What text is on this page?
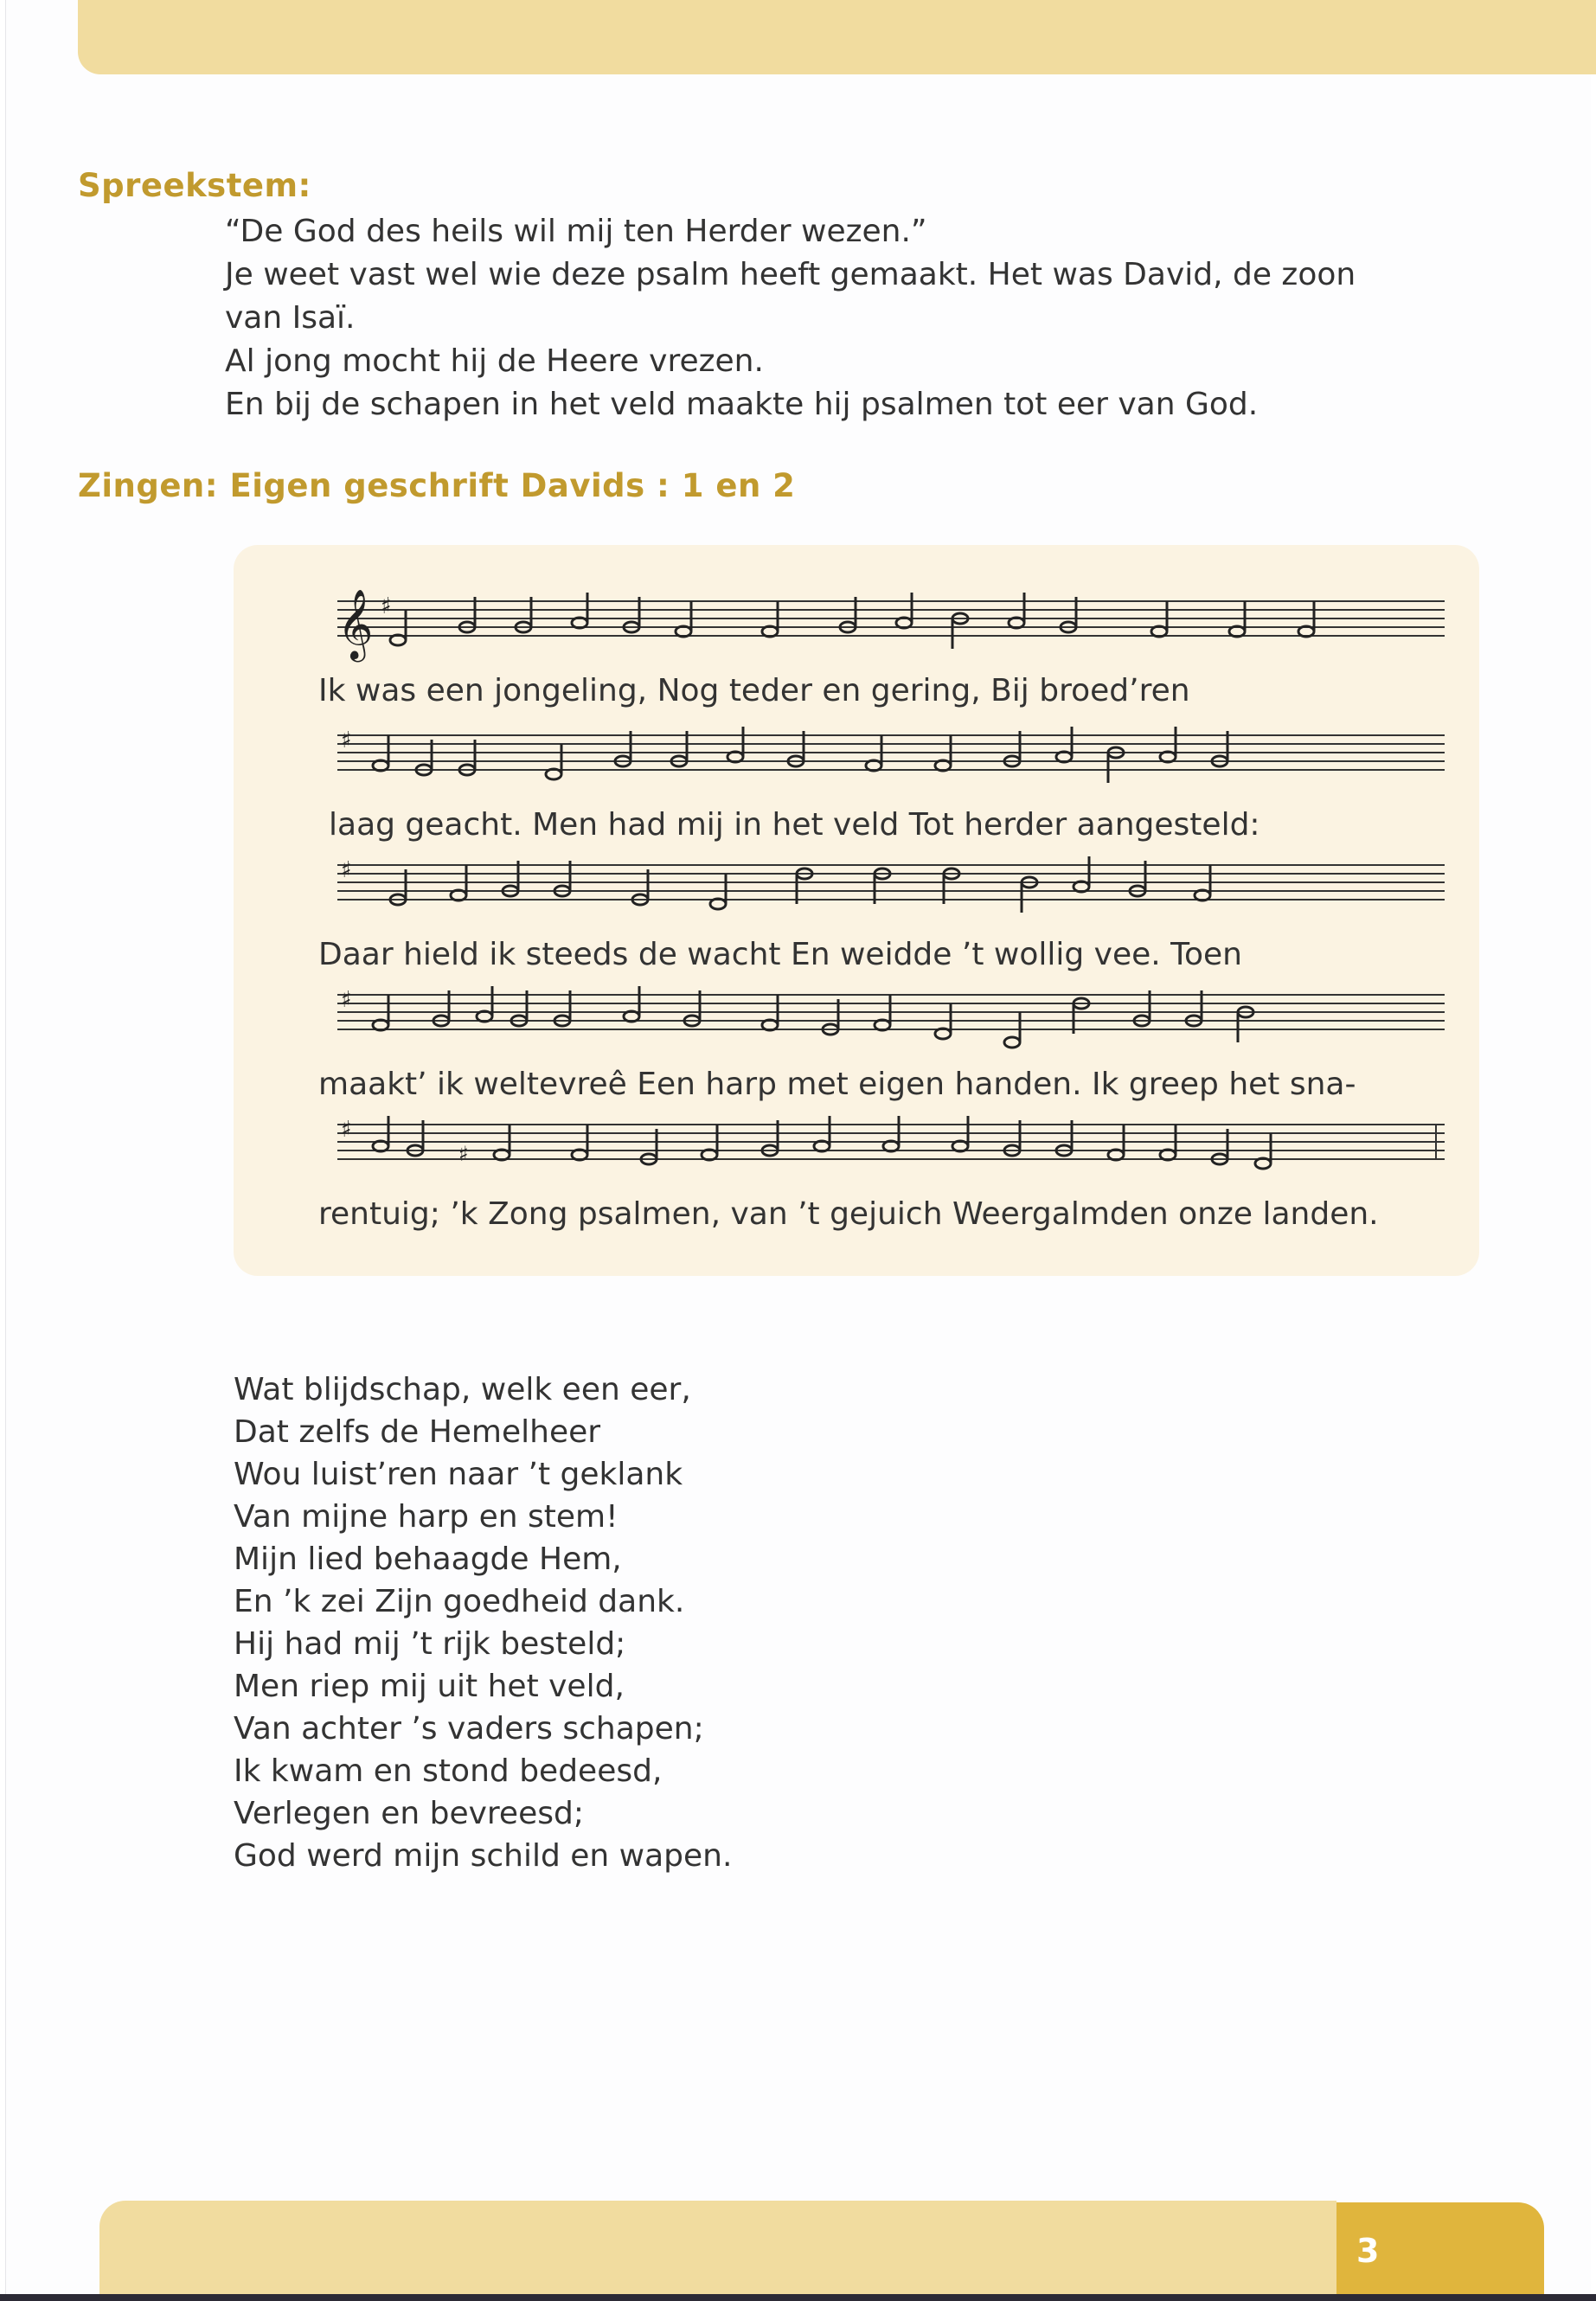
Spreekstem:
“De God des heils wil mij ten Herder wezen.”
Je weet vast wel wie deze psalm heeft gemaakt. Het was David, de zoon
van Isaï.
Al jong mocht hij de Heere vrezen.
En bij de schapen in het veld maakte hij psalmen tot eer van God.
Zingen: Eigen geschrift Davids : 1 en 2
𝄞 ♯
Ik was een jongeling, Nog teder en gering, Bij broed’ren
♯
laag geacht. Men had mij in het veld Tot herder aangesteld:
♯
Daar hield ik steeds de wacht En weidde ’t wollig vee. Toen
♯
maakt’ ik weltevreê Een harp met eigen handen. Ik greep het sna-
♯
♯
rentuig; ’k Zong psalmen, van ’t gejuich Weergalmden onze landen.
Wat blijdschap, welk een eer,
Dat zelfs de Hemelheer
Wou luist’ren naar ’t geklank
Van mijne harp en stem!
Mijn lied behaagde Hem,
En ’k zei Zijn goedheid dank.
Hij had mij ’t rijk besteld;
Men riep mij uit het veld,
Van achter ’s vaders schapen;
Ik kwam en stond bedeesd,
Verlegen en bevreesd;
God werd mijn schild en wapen.
3
